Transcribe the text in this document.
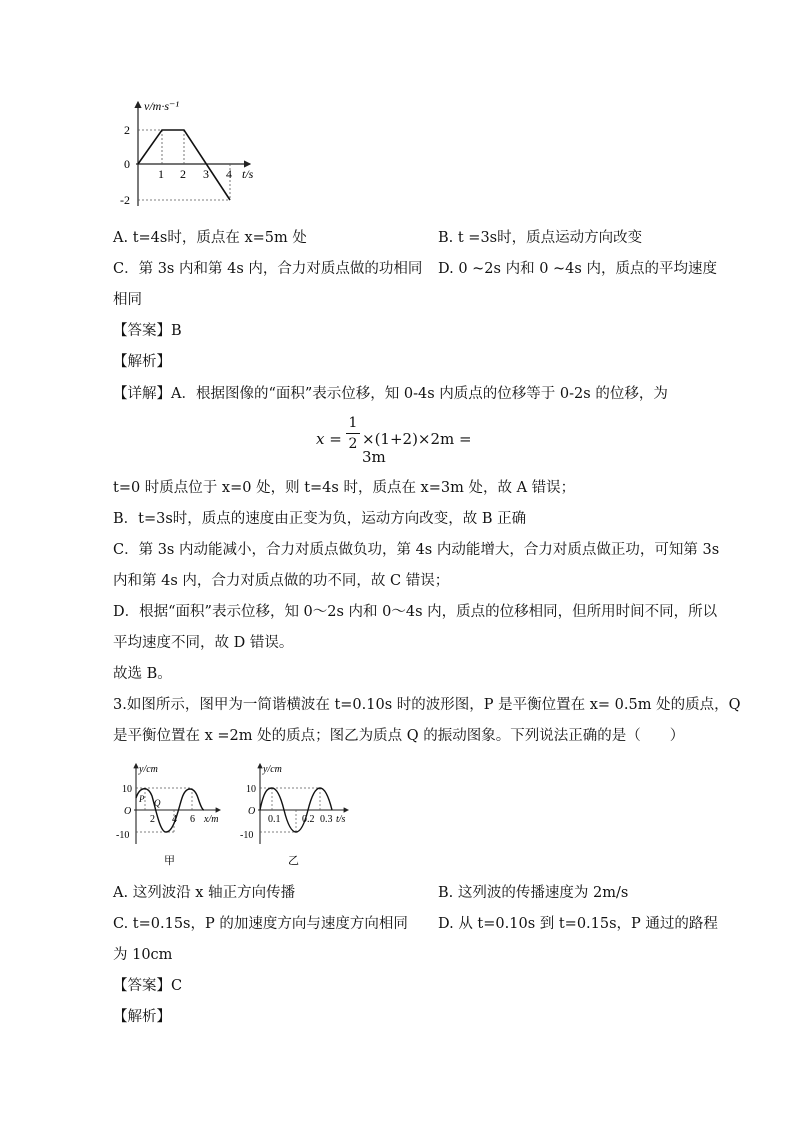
v/m·s⁻¹
t/s
2
0
-2
1 2 3 4
A. t=4s时，质点在 x=5m 处	B. t =3s时，质点运动方向改变
C．第 3s 内和第 4s 内，合力对质点做的功相同 D. 0 ~2s 内和 0 ~4s 内，质点的平均速度
相同
【答案】B
【解析】
【详解】A．根据图像的“面积”表示位移，知 0-4s 内质点的位移等于 0-2s 的位移，为
x =
1
2 ×(1+2)×2m = 3m
t=0 时质点位于 x=0 处，则 t=4s 时，质点在 x=3m 处，故 A 错误；
B．t=3s时，质点的速度由正变为负，运动方向改变，故 B 正确
C．第 3s 内动能减小，合力对质点做负功，第 4s 内动能增大，合力对质点做正功，可知第 3s
内和第 4s 内，合力对质点做的功不同，故 C 错误；
D．根据“面积”表示位移，知 0～2s 内和 0～4s 内，质点的位移相同，但所用时间不同，所以
平均速度不同，故 D 错误。
故选 B。
3.如图所示，图甲为一简谐横波在 t=0.10s 时的波形图，P 是平衡位置在 x= 0.5m 处的质点，Q
是平衡位置在 x =2m 处的质点；图乙为质点 Q 的振动图象。下列说法正确的是（　　）
y/cm
x/m
10
O
-10
2 4 6
P Q
甲
y/cm
t/s
10
O
-10
0.1 0.2 0.3
乙
A. 这列波沿 x 轴正方向传播	B. 这列波的传播速度为 2m/s
C. t=0.15s，P 的加速度方向与速度方向相同 D. 从 t=0.10s 到 t=0.15s，P 通过的路程
为 10cm
【答案】C
【解析】
